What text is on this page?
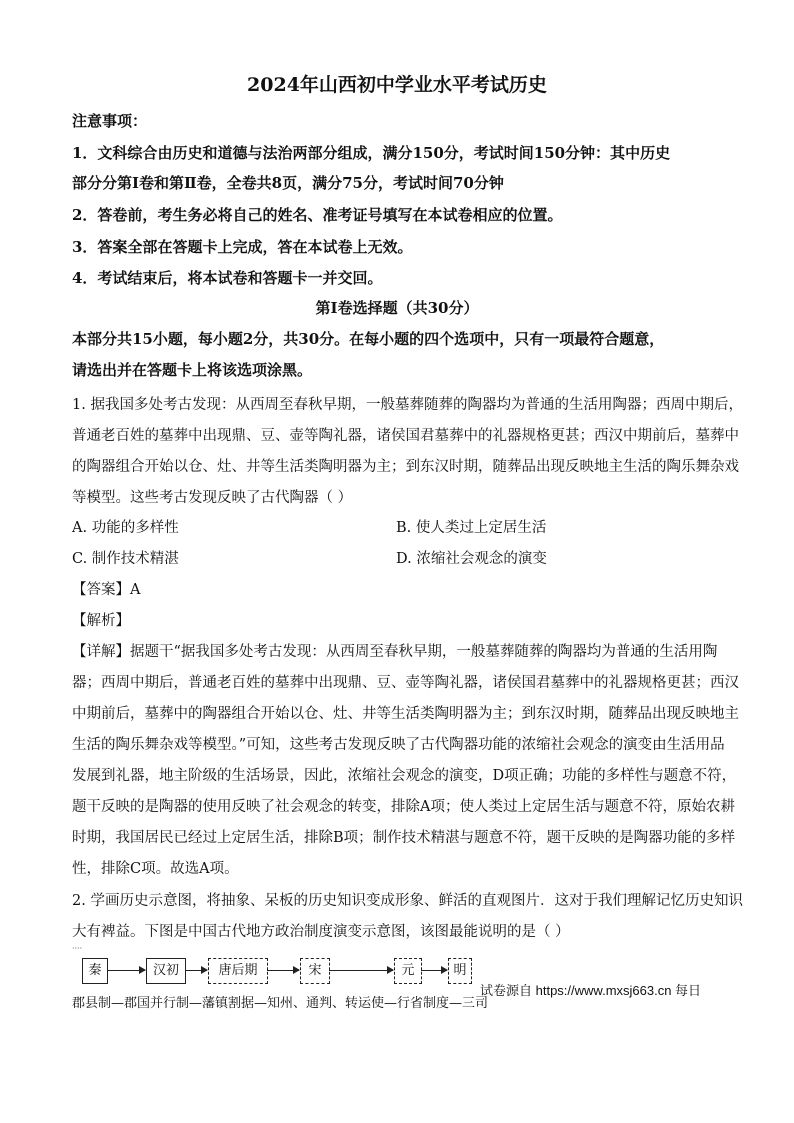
2024年山西初中学业水平考试历史
注意事项：
1．文科综合由历史和道德与法治两部分组成，满分150分，考试时间150分钟：其中历史
部分分第Ⅰ卷和第Ⅱ卷，全卷共8页，满分75分，考试时间70分钟
2．答卷前，考生务必将自己的姓名、准考证号填写在本试卷相应的位置。
3．答案全部在答题卡上完成，答在本试卷上无效。
4．考试结束后，将本试卷和答题卡一并交回。
第Ⅰ卷选择题（共30分）
本部分共15小题，每小题2分，共30分。在每小题的四个选项中，只有一项最符合题意，
请选出并在答题卡上将该选项涂黑。
1. 据我国多处考古发现：从西周至春秋早期，一般墓葬随葬的陶器均为普通的生活用陶器；西周中期后，
普通老百姓的墓葬中出现鼎、豆、壶等陶礼器，诸侯国君墓葬中的礼器规格更甚；西汉中期前后，墓葬中
的陶器组合开始以仓、灶、井等生活类陶明器为主；到东汉时期，随葬品出现反映地主生活的陶乐舞杂戏
等模型。这些考古发现反映了古代陶器（ ）
A. 功能的多样性	B. 使人类过上定居生活
C. 制作技术精湛	D. 浓缩社会观念的演变
【答案】A
【解析】
【详解】据题干“据我国多处考古发现：从西周至春秋早期，一般墓葬随葬的陶器均为普通的生活用陶
器；西周中期后，普通老百姓的墓葬中出现鼎、豆、壶等陶礼器，诸侯国君墓葬中的礼器规格更甚；西汉
中期前后，墓葬中的陶器组合开始以仓、灶、井等生活类陶明器为主；到东汉时期，随葬品出现反映地主
生活的陶乐舞杂戏等模型。”可知，这些考古发现反映了古代陶器功能的浓缩社会观念的演变由生活用品
发展到礼器，地主阶级的生活场景，因此，浓缩社会观念的演变，D项正确；功能的多样性与题意不符，
题干反映的是陶器的使用反映了社会观念的转变，排除A项；使人类过上定居生活与题意不符，原始农耕
时期，我国居民已经过上定居生活，排除B项；制作技术精湛与题意不符，题干反映的是陶器功能的多样
性，排除C项。故选A项。
2. 学画历史示意图，将抽象、呆板的历史知识变成形象、鲜活的直观图片．这对于我们理解记忆历史知识
大有裨益。下图是中国古代地方政治制度演变示意图，该图最能说明的是（ ）
····
秦	汉初	唐后期	宋	元	明
郡县制—郡国并行制—藩镇割据—知州、通判、转运使—行省制度—三司
试卷源自 https://www.mxsj663.cn 每日
